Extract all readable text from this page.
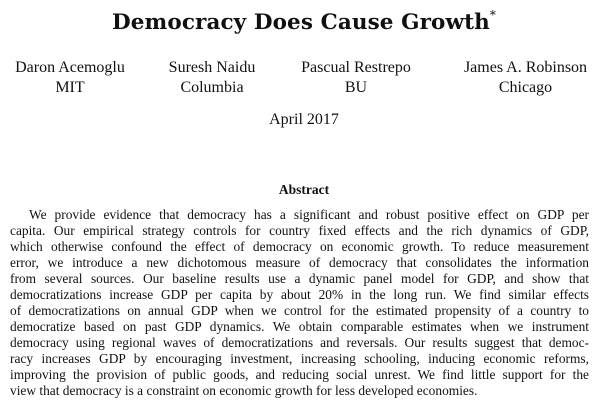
Democracy Does Cause Growth*
Daron Acemoglu
MIT
Suresh Naidu
Columbia
Pascual Restrepo
BU
James A. Robinson
Chicago
April 2017
Abstract
We provide evidence that democracy has a significant and robust positive effect on GDP per
capita. Our empirical strategy controls for country fixed effects and the rich dynamics of GDP,
which otherwise confound the effect of democracy on economic growth. To reduce measurement
error, we introduce a new dichotomous measure of democracy that consolidates the information
from several sources. Our baseline results use a dynamic panel model for GDP, and show that
democratizations increase GDP per capita by about 20% in the long run. We find similar effects
of democratizations on annual GDP when we control for the estimated propensity of a country to
democratize based on past GDP dynamics. We obtain comparable estimates when we instrument
democracy using regional waves of democratizations and reversals. Our results suggest that democ-
racy increases GDP by encouraging investment, increasing schooling, inducing economic reforms,
improving the provision of public goods, and reducing social unrest. We find little support for the
view that democracy is a constraint on economic growth for less developed economies.
